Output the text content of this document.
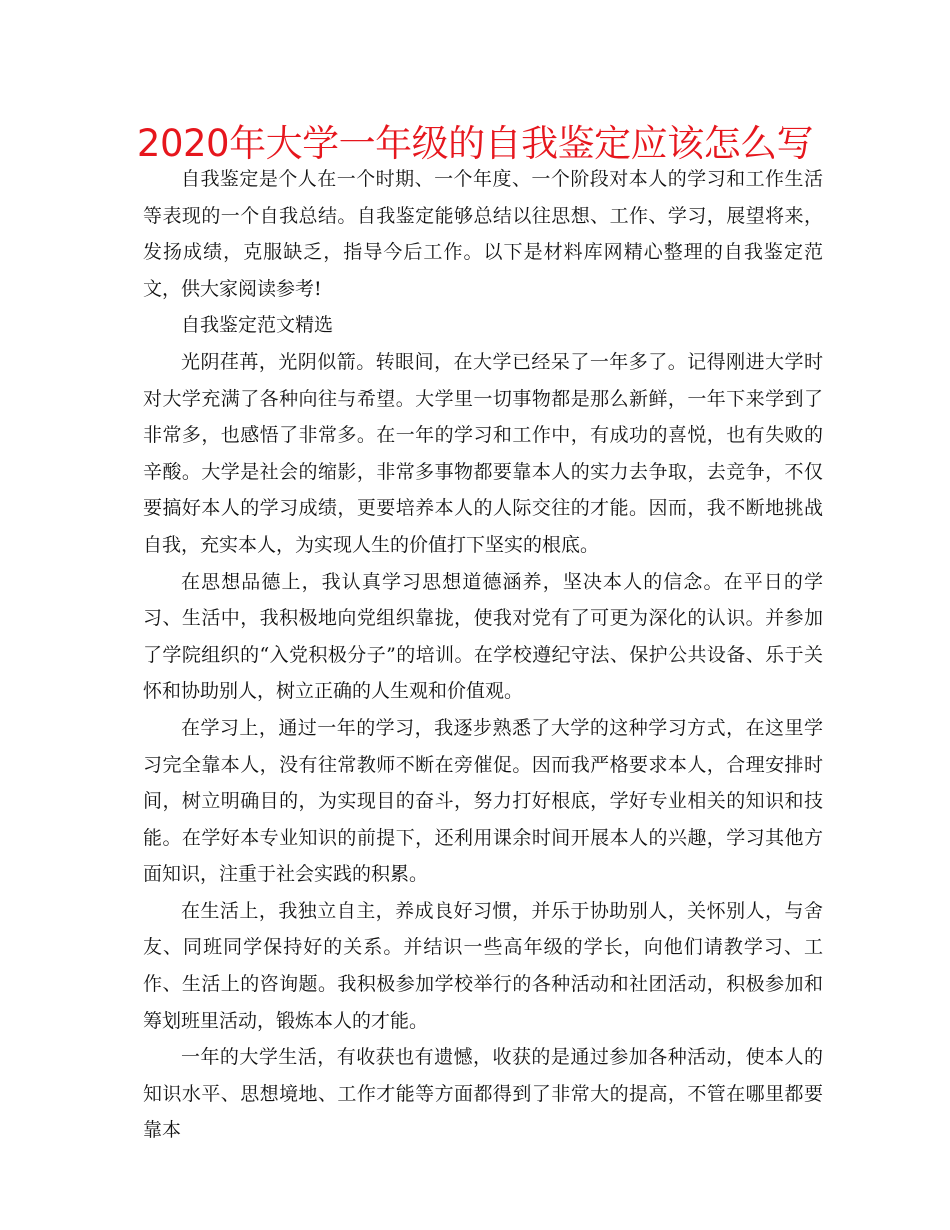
2020年大学一年级的自我鉴定应该怎么写

自我鉴定是个人在一个时期、一个年度、一个阶段对本人的学习和工作生活等表现的一个自我总结。自我鉴定能够总结以往思想、工作、学习，展望将来，发扬成绩，克服缺乏，指导今后工作。以下是材料库网精心整理的自我鉴定范文，供大家阅读参考!

自我鉴定范文精选

光阴荏苒，光阴似箭。转眼间，在大学已经呆了一年多了。记得刚进大学时对大学充满了各种向往与希望。大学里一切事物都是那么新鲜，一年下来学到了非常多，也感悟了非常多。在一年的学习和工作中，有成功的喜悦，也有失败的辛酸。大学是社会的缩影，非常多事物都要靠本人的实力去争取，去竞争，不仅要搞好本人的学习成绩，更要培养本人的人际交往的才能。因而，我不断地挑战自我，充实本人，为实现人生的价值打下坚实的根底。

在思想品德上，我认真学习思想道德涵养，坚决本人的信念。在平日的学习、生活中，我积极地向党组织靠拢，使我对党有了可更为深化的认识。并参加了学院组织的“入党积极分子”的培训。在学校遵纪守法、保护公共设备、乐于关怀和协助别人，树立正确的人生观和价值观。

在学习上，通过一年的学习，我逐步熟悉了大学的这种学习方式，在这里学习完全靠本人，没有往常教师不断在旁催促。因而我严格要求本人，合理安排时间，树立明确目的，为实现目的奋斗，努力打好根底，学好专业相关的知识和技能。在学好本专业知识的前提下，还利用课余时间开展本人的兴趣，学习其他方面知识，注重于社会实践的积累。

在生活上，我独立自主，养成良好习惯，并乐于协助别人，关怀别人，与舍友、同班同学保持好的关系。并结识一些高年级的学长，向他们请教学习、工作、生活上的咨询题。我积极参加学校举行的各种活动和社团活动，积极参加和筹划班里活动，锻炼本人的才能。

一年的大学生活，有收获也有遗憾，收获的是通过参加各种活动，使本人的知识水平、思想境地、工作才能等方面都得到了非常大的提高，不管在哪里都要靠本
